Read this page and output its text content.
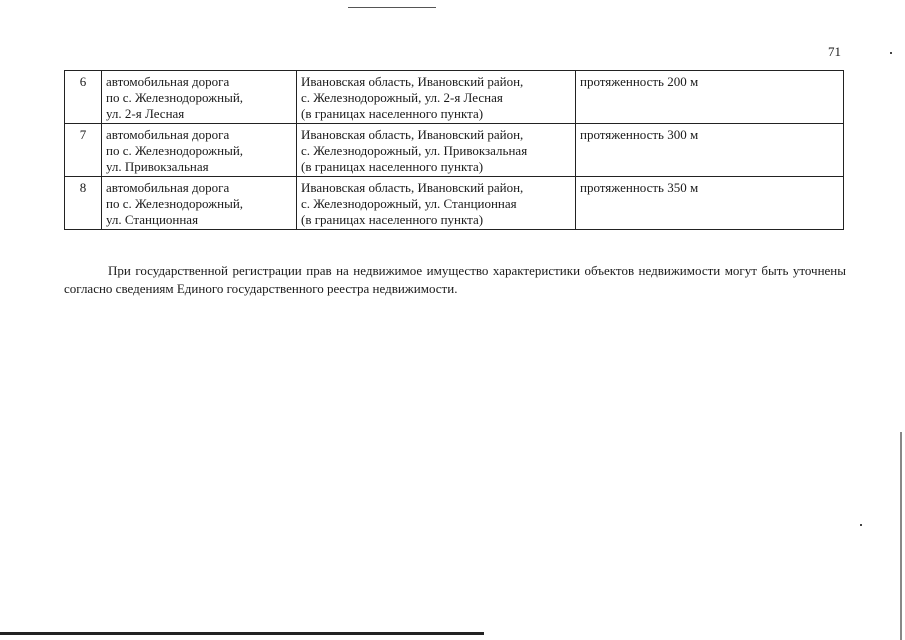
71
6	автомобильная дорога
по с. Железнодорожный,
ул. 2-я Лесная	Ивановская область, Ивановский район,
с. Железнодорожный, ул. 2-я Лесная
(в границах населенного пункта)	протяженность 200 м
7	автомобильная дорога
по с. Железнодорожный,
ул. Привокзальная	Ивановская область, Ивановский район,
с. Железнодорожный, ул. Привокзальная
(в границах населенного пункта)	протяженность 300 м
8	автомобильная дорога
по с. Железнодорожный,
ул. Станционная	Ивановская область, Ивановский район,
с. Железнодорожный, ул. Станционная
(в границах населенного пункта)	протяженность 350 м

При государственной регистрации прав на недвижимое имущество характеристики объектов недвижимости могут быть уточнены согласно сведениям Единого государственного реестра недвижимости.
